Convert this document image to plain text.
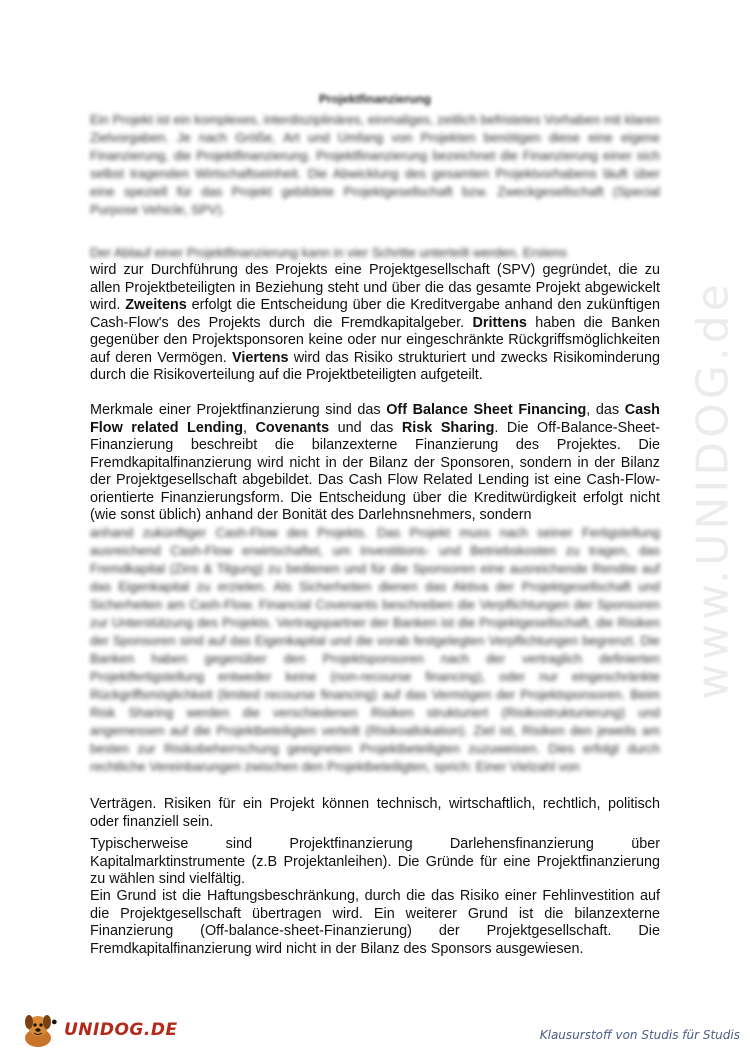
www.UNIDOG.de
Projektfinanzierung

Ein Projekt ist ein komplexes, interdisziplinäres, einmaliges, zeitlich befristetes Vorhaben mit klaren Zielvorgaben. Je nach Größe, Art und Umfang von Projekten benötigen diese eine eigene Finanzierung, die Projektfinanzierung. Projektfinanzierung bezeichnet die Finanzierung einer sich selbst tragenden Wirtschaftseinheit. Die Abwicklung des gesamten Projektvorhabens läuft über eine speziell für das Projekt gebildete Projektgesellschaft bzw. Zweckgesellschaft (Special Purpose Vehicle, SPV).

Der Ablauf einer Projektfinanzierung kann in vier Schritte unterteilt werden. Erstens

wird zur Durchführung des Projekts eine Projektgesellschaft (SPV) gegründet, die zu allen Projektbeteiligten in Beziehung steht und über die das gesamte Projekt abgewickelt wird. Zweitens erfolgt die Entscheidung über die Kreditvergabe anhand den zukünftigen Cash-Flow's des Projekts durch die Fremdkapitalgeber. Drittens haben die Banken gegenüber den Projektsponsoren keine oder nur eingeschränkte Rückgriffsmöglichkeiten auf deren Vermögen. Viertens wird das Risiko strukturiert und zwecks Risikominderung durch die Risikoverteilung auf die Projektbeteiligten aufgeteilt.

Merkmale einer Projektfinanzierung sind das Off Balance Sheet Financing, das Cash Flow related Lending, Covenants und das Risk Sharing. Die Off-Balance-Sheet-Finanzierung beschreibt die bilanzexterne Finanzierung des Projektes. Die Fremdkapitalfinanzierung wird nicht in der Bilanz der Sponsoren, sondern in der Bilanz der Projektgesellschaft abgebildet. Das Cash Flow Related Lending ist eine Cash-Flow-orientierte Finanzierungsform. Die Entscheidung über die Kreditwürdigkeit erfolgt nicht (wie sonst üblich) anhand der Bonität des Darlehnsnehmers, sondern

anhand zukünftiger Cash-Flow des Projekts. Das Projekt muss nach seiner Fertigstellung ausreichend Cash-Flow erwirtschaftet, um Investitions- und Betriebskosten zu tragen, das Fremdkapital (Zins & Tilgung) zu bedienen und für die Sponsoren eine ausreichende Rendite auf das Eigenkapital zu erzielen. Als Sicherheiten dienen das Aktiva der Projektgesellschaft und Sicherheiten am Cash-Flow. Financial Covenants beschreiben die Verpflichtungen der Sponsoren zur Unterstützung des Projekts. Vertragspartner der Banken ist die Projektgesellschaft, die Risiken der Sponsoren sind auf das Eigenkapital und die vorab festgelegten Verpflichtungen begrenzt. Die Banken haben gegenüber den Projektsponsoren nach der vertraglich definierten Projektfertigstellung entweder keine (non-recourse financing), oder nur eingeschränkte Rückgriffsmöglichkeit (limited recourse financing) auf das Vermögen der Projektsponsoren. Beim Risk Sharing werden die verschiedenen Risiken strukturiert (Risikostrukturierung) und angemessen auf die Projektbeteiligten verteilt (Risikoallokation). Ziel ist, Risiken den jeweils am besten zur Risikobeherrschung geeigneten Projektbeteiligten zuzuweisen. Dies erfolgt durch rechtliche Vereinbarungen zwischen den Projektbeteiligten, sprich: Einer Vielzahl von

Verträgen. Risiken für ein Projekt können technisch, wirtschaftlich, rechtlich, politisch oder finanziell sein.

Typischerweise sind Projektfinanzierung Darlehensfinanzierung über Kapitalmarktinstrumente (z.B Projektanleihen). Die Gründe für eine Projektfinanzierung zu wählen sind vielfältig.

Ein Grund ist die Haftungsbeschränkung, durch die das Risiko einer Fehlinvestition auf die Projektgesellschaft übertragen wird. Ein weiterer Grund ist die bilanzexterne Finanzierung (Off-balance-sheet-Finanzierung) der Projektgesellschaft. Die Fremdkapitalfinanzierung wird nicht in der Bilanz des Sponsors ausgewiesen.

● UNIDOG.DE	Klausurstoff von Studis für Studis
